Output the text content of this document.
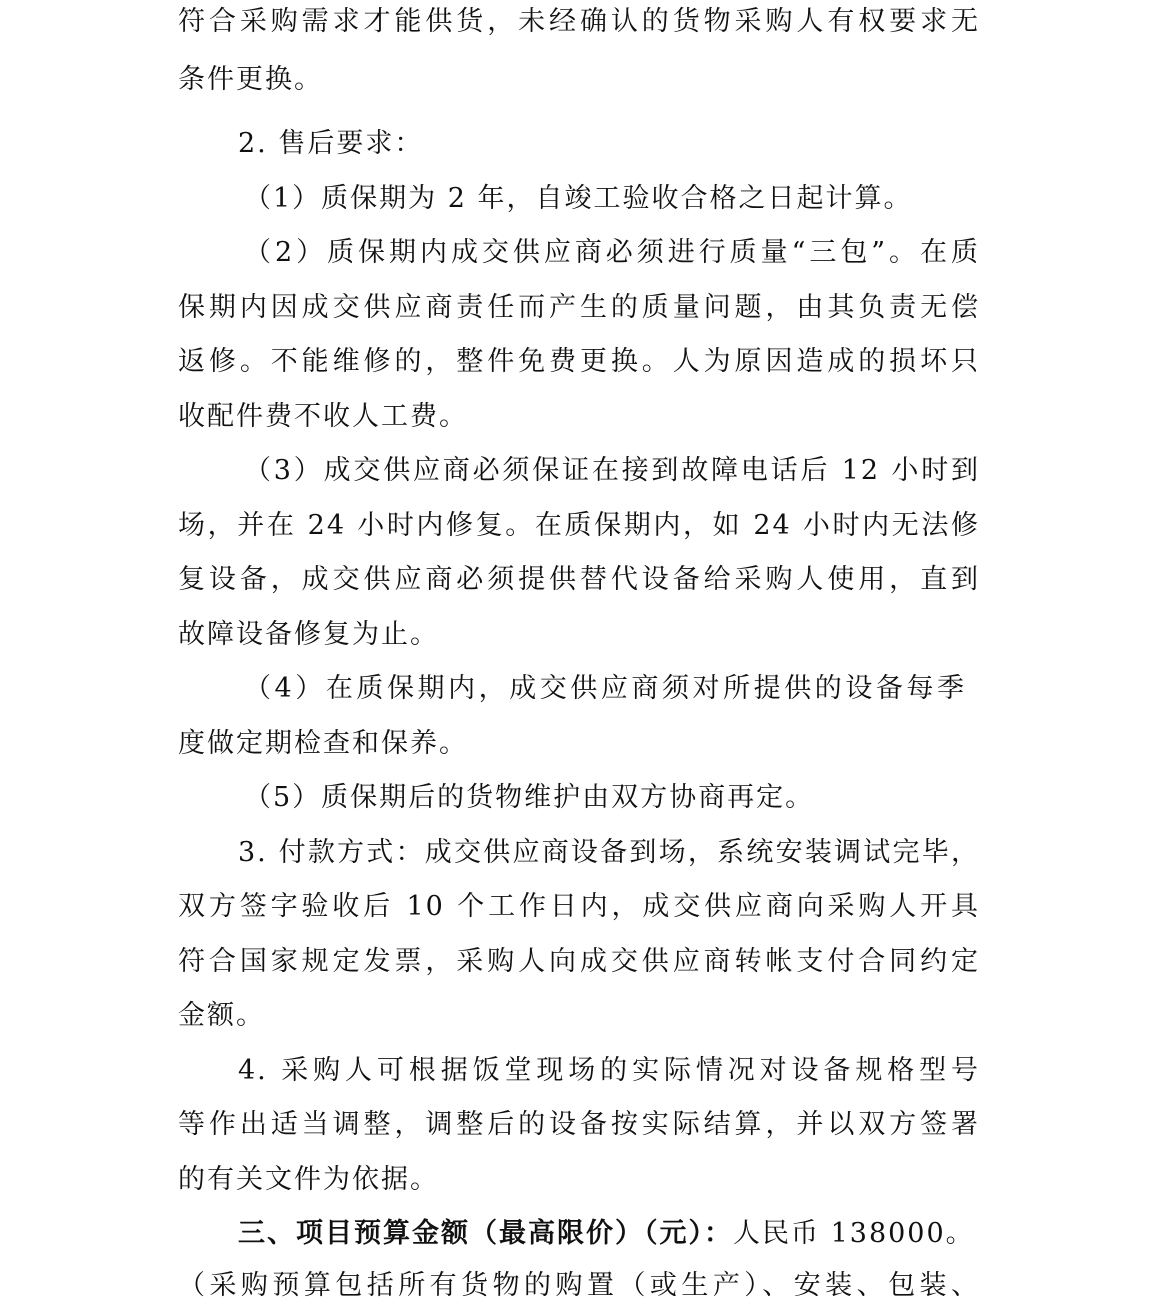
符合采购需求才能供货，未经确认的货物采购人有权要求无
条件更换。
2. 售后要求：
（1）质保期为 2 年，自竣工验收合格之日起计算。
（2）质保期内成交供应商必须进行质量“三包”。在质
保期内因成交供应商责任而产生的质量问题，由其负责无偿
返修。不能维修的，整件免费更换。人为原因造成的损坏只
收配件费不收人工费。
（3）成交供应商必须保证在接到故障电话后 12 小时到
场，并在 24 小时内修复。在质保期内，如 24 小时内无法修
复设备，成交供应商必须提供替代设备给采购人使用，直到
故障设备修复为止。
（4）在质保期内，成交供应商须对所提供的设备每季
度做定期检查和保养。
（5）质保期后的货物维护由双方协商再定。
3. 付款方式：成交供应商设备到场，系统安装调试完毕，
双方签字验收后 10 个工作日内，成交供应商向采购人开具
符合国家规定发票，采购人向成交供应商转帐支付合同约定
金额。
4. 采购人可根据饭堂现场的实际情况对设备规格型号
等作出适当调整，调整后的设备按实际结算，并以双方签署
的有关文件为依据。
三、项目预算金额（最高限价）（元）：人民币 138000。
（采购预算包括所有货物的购置（或生产）、安装、包装、
